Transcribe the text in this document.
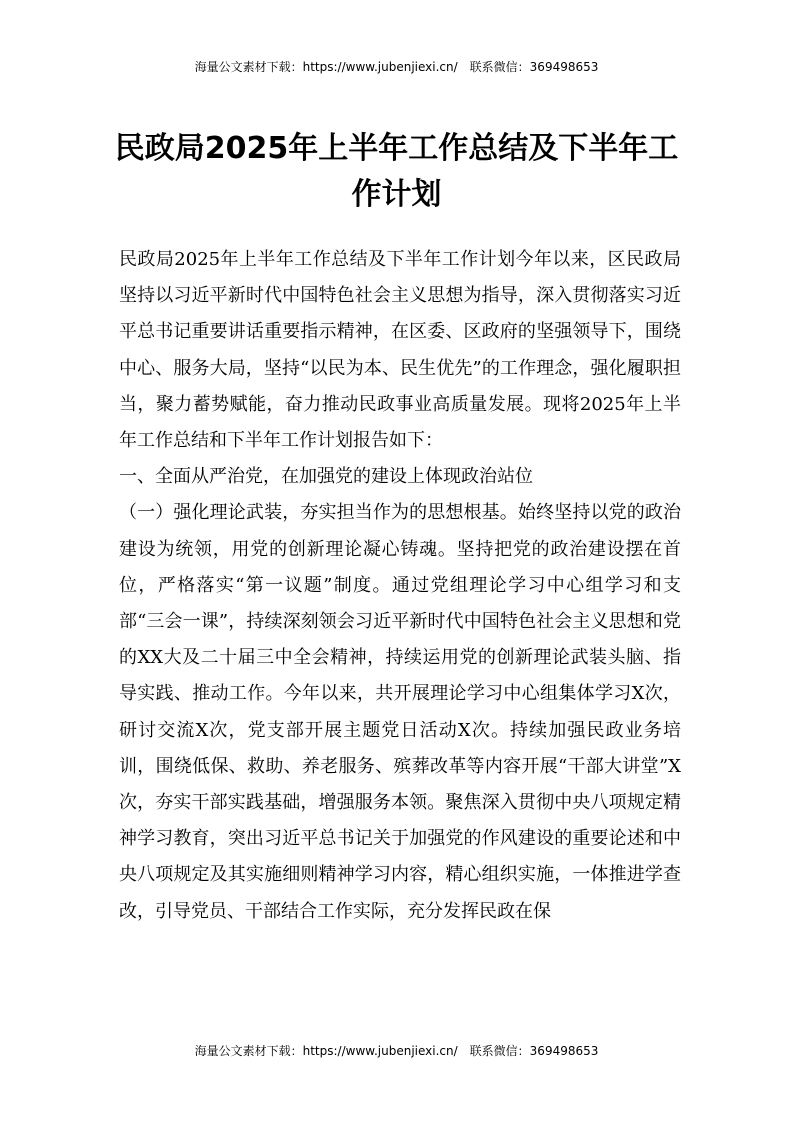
海量公文素材下载：https://www.jubenjiexi.cn/ 联系微信：369498653
民政局2025年上半年工作总结及下半年工作计划

民政局2025年上半年工作总结及下半年工作计划今年以来，区民政局坚持以习近平新时代中国特色社会主义思想为指导，深入贯彻落实习近平总书记重要讲话重要指示精神，在区委、区政府的坚强领导下，围绕中心、服务大局，坚持“以民为本、民生优先”的工作理念，强化履职担当，聚力蓄势赋能，奋力推动民政事业高质量发展。现将2025年上半年工作总结和下半年工作计划报告如下：

一、全面从严治党，在加强党的建设上体现政治站位

（一）强化理论武装，夯实担当作为的思想根基。始终坚持以党的政治建设为统领，用党的创新理论凝心铸魂。坚持把党的政治建设摆在首位，严格落实“第一议题”制度。通过党组理论学习中心组学习和支部“三会一课”，持续深刻领会习近平新时代中国特色社会主义思想和党的XX大及二十届三中全会精神，持续运用党的创新理论武装头脑、指导实践、推动工作。今年以来，共开展理论学习中心组集体学习X次，研讨交流X次，党支部开展主题党日活动X次。持续加强民政业务培训，围绕低保、救助、养老服务、殡葬改革等内容开展“干部大讲堂”X次，夯实干部实践基础，增强服务本领。聚焦深入贯彻中央八项规定精神学习教育，突出习近平总书记关于加强党的作风建设的重要论述和中央八项规定及其实施细则精神学习内容，精心组织实施，一体推进学查改，引导党员、干部结合工作实际，充分发挥民政在保

海量公文素材下载：https://www.jubenjiexi.cn/ 联系微信：369498653
